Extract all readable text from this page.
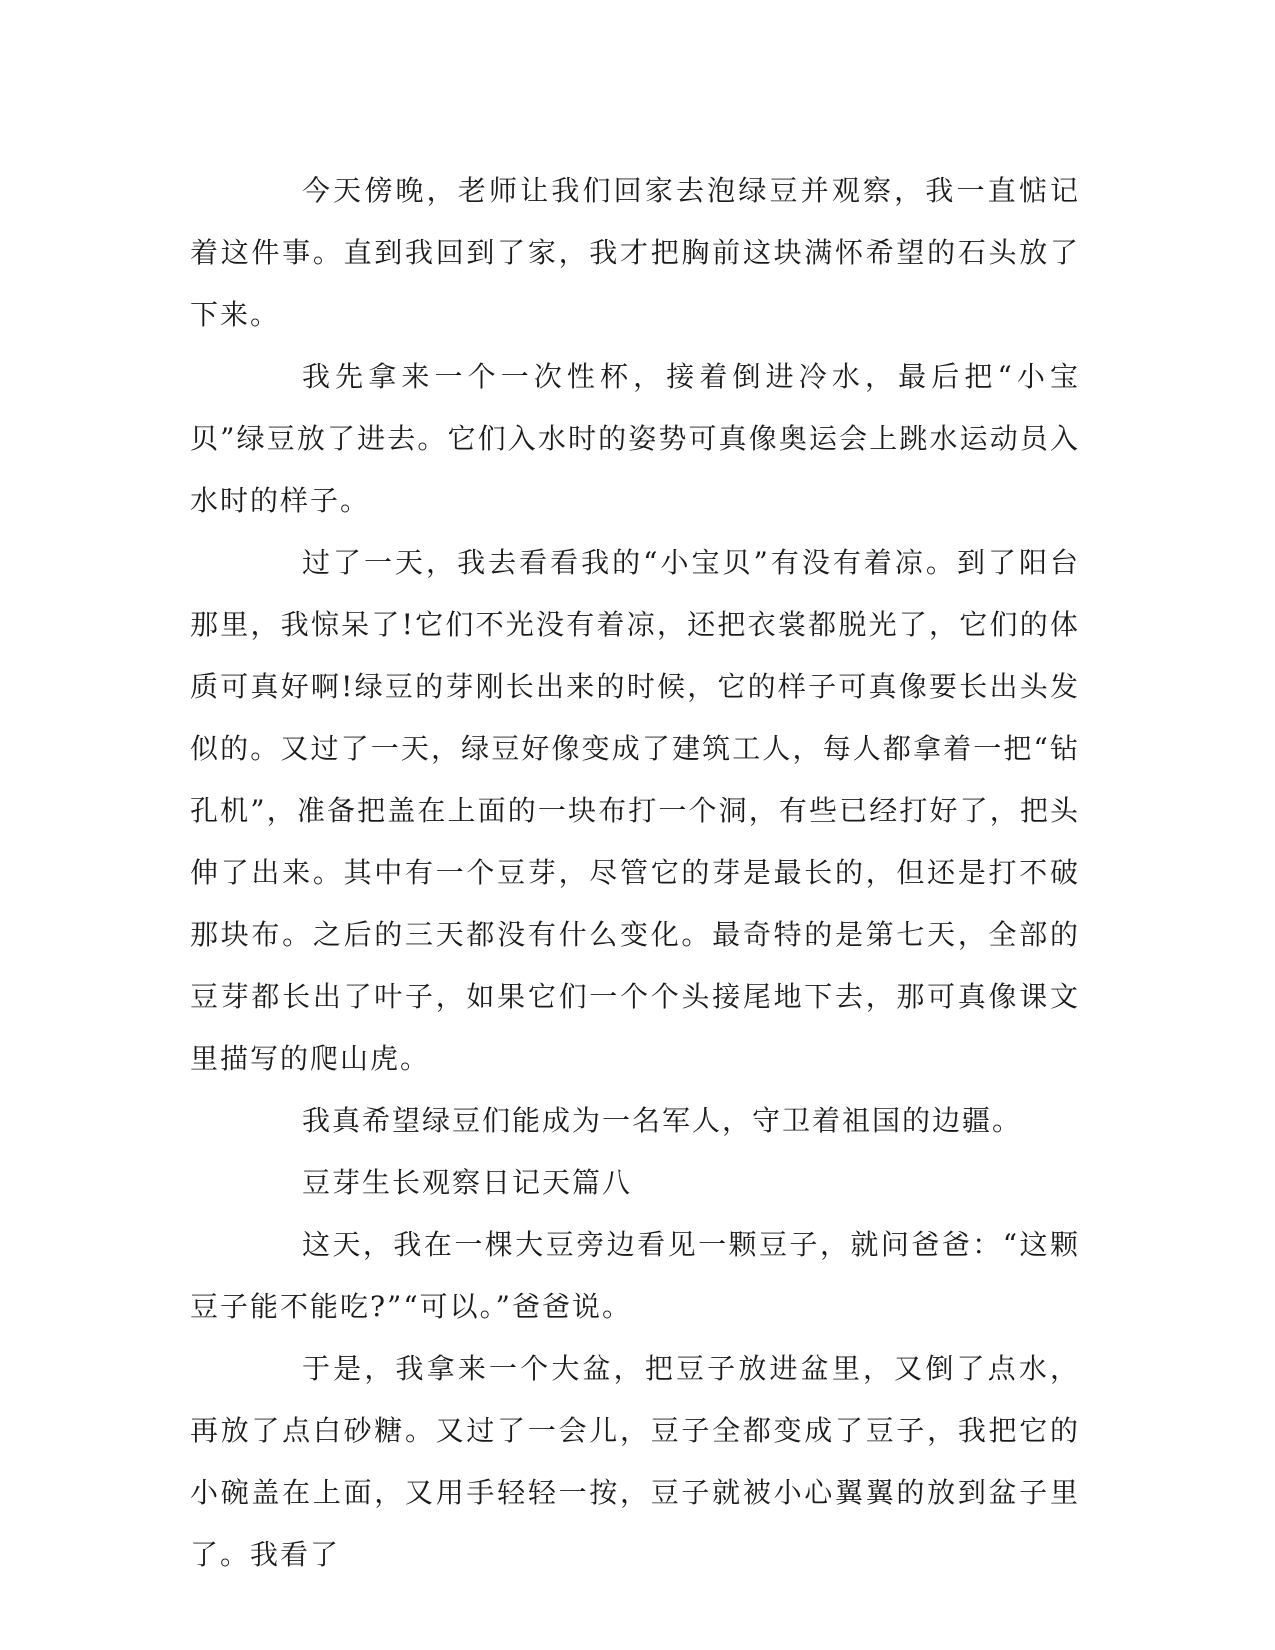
今天傍晚，老师让我们回家去泡绿豆并观察，我一直惦记着这件事。直到我回到了家，我才把胸前这块满怀希望的石头放了下来。

我先拿来一个一次性杯，接着倒进冷水，最后把“小宝贝”绿豆放了进去。它们入水时的姿势可真像奥运会上跳水运动员入水时的样子。

过了一天，我去看看我的“小宝贝”有没有着凉。到了阳台那里，我惊呆了!它们不光没有着凉，还把衣裳都脱光了，它们的体质可真好啊!绿豆的芽刚长出来的时候，它的样子可真像要长出头发似的。又过了一天，绿豆好像变成了建筑工人，每人都拿着一把“钻孔机”，准备把盖在上面的一块布打一个洞，有些已经打好了，把头伸了出来。其中有一个豆芽，尽管它的芽是最长的，但还是打不破那块布。之后的三天都没有什么变化。最奇特的是第七天，全部的豆芽都长出了叶子，如果它们一个个头接尾地下去，那可真像课文里描写的爬山虎。

我真希望绿豆们能成为一名军人，守卫着祖国的边疆。

豆芽生长观察日记天篇八

这天，我在一棵大豆旁边看见一颗豆子，就问爸爸：“这颗豆子能不能吃?”“可以。”爸爸说。

于是，我拿来一个大盆，把豆子放进盆里，又倒了点水，再放了点白砂糖。又过了一会儿，豆子全都变成了豆子，我把它的小碗盖在上面，又用手轻轻一按，豆子就被小心翼翼的放到盆子里了。我看了
